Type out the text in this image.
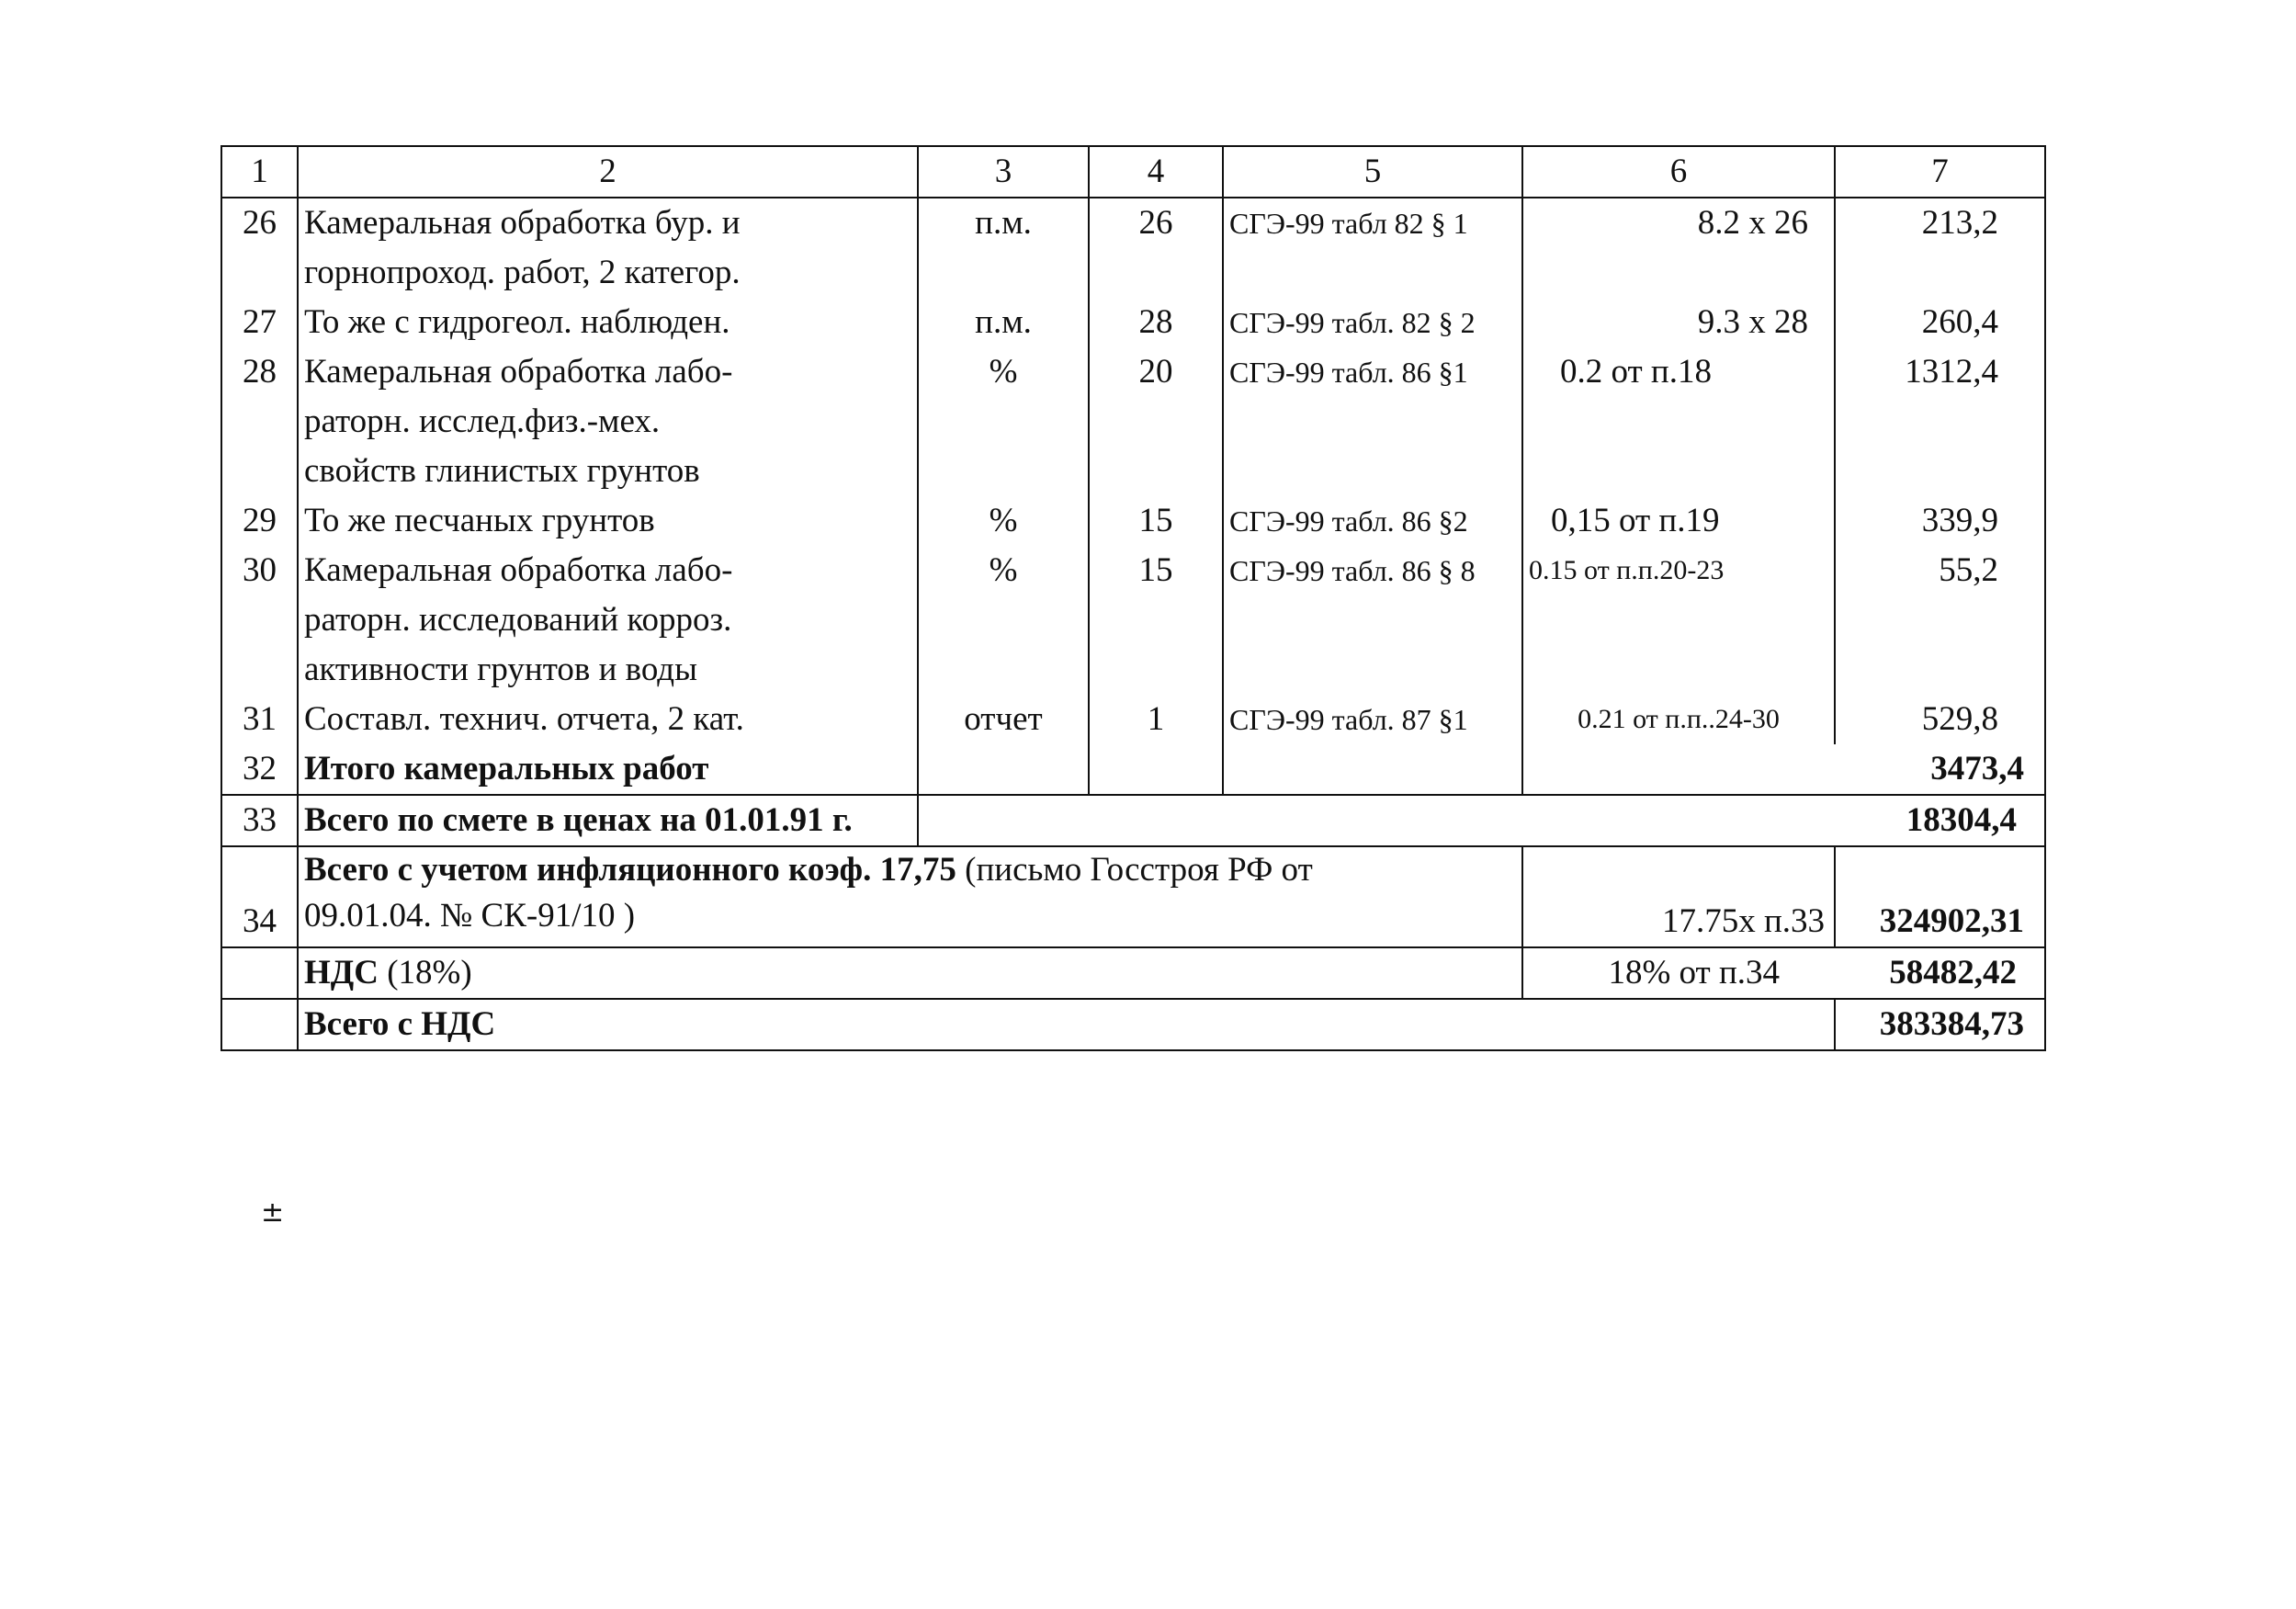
1	2	3	4	5	6	7
26	Камеральная обработка бур. и
горнопроход. работ, 2 категор.	п.м.	26	СГЭ-99 табл 82 § 1	8.2 х 26	213,2
27	То же с гидрогеол. наблюден.	п.м.	28	СГЭ-99 табл. 82 § 2	9.3 х 28	260,4
28	Камеральная обработка лабо-
раторн. исслед.физ.-мех.
свойств глинистых грунтов	%	20	СГЭ-99 табл. 86 §1	0.2 от п.18	1312,4
29	То же песчаных грунтов	%	15	СГЭ-99 табл. 86 §2	0,15 от п.19	339,9
30	Камеральная обработка лабо-
раторн. исследований корроз.
активности грунтов и воды	%	15	СГЭ-99 табл. 86 § 8	0.15 от п.п.20-23	55,2
31	Составл. технич. отчета, 2 кат.	отчет	1	СГЭ-99 табл. 87 §1	0.21 от п.п..24-30	529,8
32	Итого камеральных работ					3473,4
33	Всего по смете в ценах на 01.01.91 г.	18304,4				
34	Всего с учетом инфляционного коэф. 17,75 (письмо Госстроя РФ от
09.01.04. № СК-91/10 )				17.75х п.33	324902,31
	НДС (18%)				18% от п.34	58482,42
	Всего с НДС					383384,73
±
